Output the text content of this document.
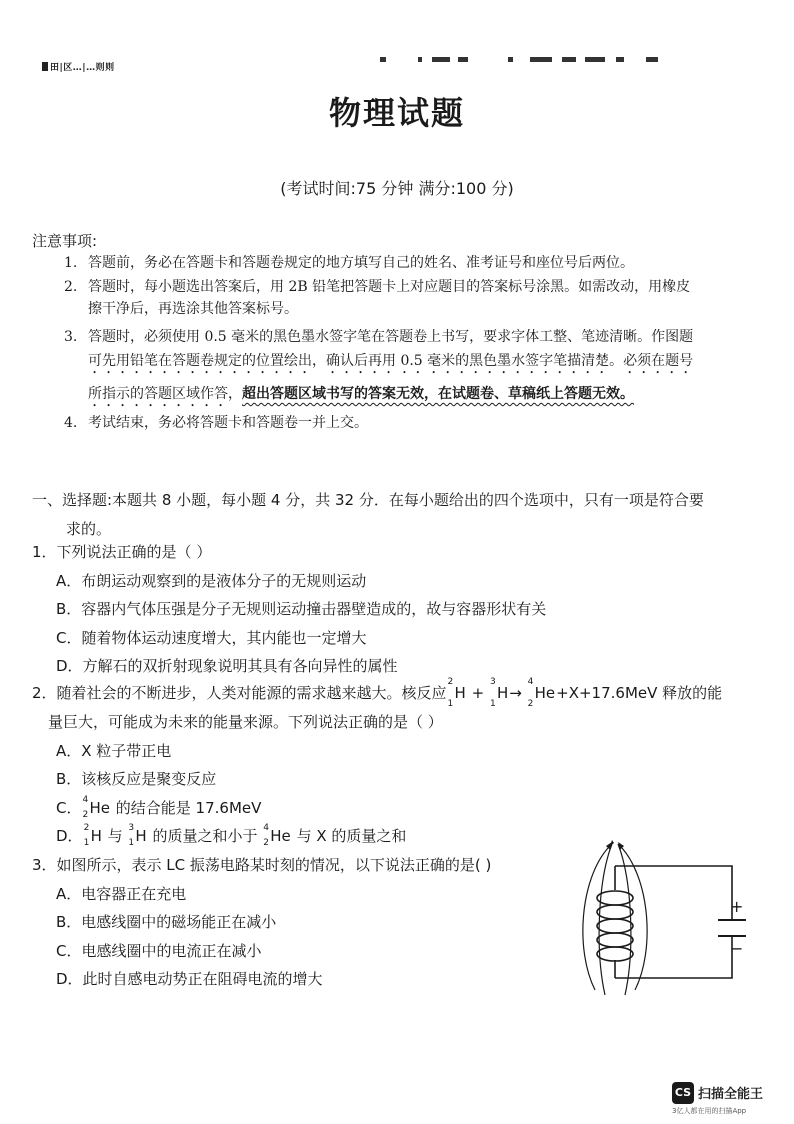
田|区…|…则则
物理试题
(考试时间:75 分钟 满分:100 分)
注意事项:
1. 答题前，务必在答题卡和答题卷规定的地方填写自己的姓名、准考证号和座位号后两位。
2. 答题时，每小题选出答案后，用 2B 铅笔把答题卡上对应题目的答案标号涂黑。如需改动，用橡皮
擦干净后，再选涂其他答案标号。
3. 答题时，必须使用 0.5 毫米的黑色墨水签字笔在答题卷上书写，要求字体工整、笔迹清晰。作图题
可先用铅笔在答题卷规定的位置绘出，确认后再用 0.5 毫米的黑色墨水签字笔描清楚。必须在题号
所指示的答题区域作答，超出答题区域书写的答案无效，在试题卷、草稿纸上答题无效。
4. 考试结束，务必将答题卡和答题卷一并上交。
一、选择题:本题共 8 小题，每小题 4 分，共 32 分．在每小题给出的四个选项中，只有一项是符合要
求的。
1．下列说法正确的是（ ）
A．布朗运动观察到的是液体分子的无规则运动
B．容器内气体压强是分子无规则运动撞击器壁造成的，故与容器形状有关
C．随着物体运动速度增大，其内能也一定增大
D．方解石的双折射现象说明其具有各向异性的属性
2．随着社会的不断进步，人类对能源的需求越来越大。核反应
2
1
H +
3
1
H→
4
2
He+X+17.6MeV 释放的能
量巨大，可能成为未来的能量来源。下列说法正确的是（ ）
A．X 粒子带正电
B．该核反应是聚变反应
C． 4
2 He 的结合能是 17.6MeV
D． 2
1 H 与 3
1 H 的质量之和小于 4
2 He 与 X 的质量之和
3．如图所示，表示 LC 振荡电路某时刻的情况，以下说法正确的是( )
A．电容器正在充电
B．电感线圈中的磁场能正在减小
C．电感线圈中的电流正在减小
D．此时自感电动势正在阻碍电流的增大
+
−
CS 扫描全能王
3亿人都在用的扫描App
